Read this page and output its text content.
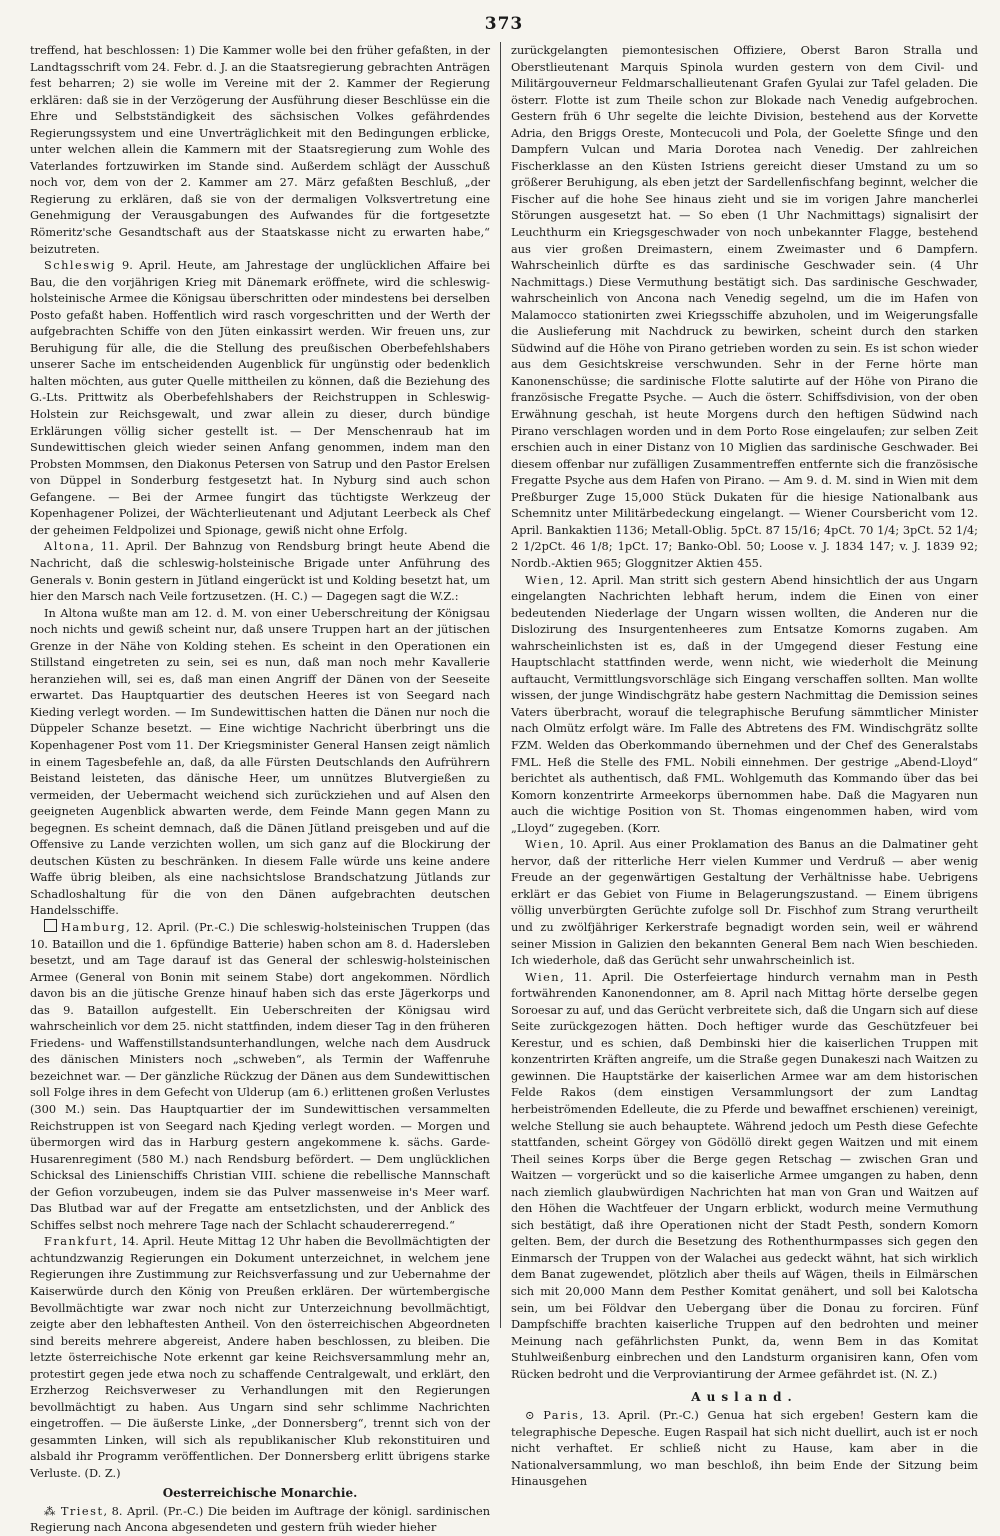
373

treffend, hat beschlossen: 1) Die Kammer wolle bei den früher gefaßten, in der Landtagsschrift vom 24. Febr. d. J. an die Staatsregierung gebrachten Anträgen fest beharren; 2) sie wolle im Vereine mit der 2. Kammer der Regierung erklären: daß sie in der Verzögerung der Ausführung dieser Beschlüsse ein die Ehre und Selbstständigkeit des sächsischen Volkes gefährdendes Regierungssystem und eine Unverträglichkeit mit den Bedingungen erblicke, unter welchen allein die Kammern mit der Staatsregierung zum Wohle des Vaterlandes fortzuwirken im Stande sind. Außerdem schlägt der Ausschuß noch vor, dem von der 2. Kammer am 27. März gefaßten Beschluß, „der Regierung zu erklären, daß sie von der dermaligen Volksvertretung eine Genehmigung der Verausgabungen des Aufwandes für die fortgesetzte Römeritz'sche Gesandtschaft aus der Staatskasse nicht zu erwarten habe,“ beizutreten.

Schleswig 9. April. Heute, am Jahrestage der unglücklichen Affaire bei Bau, die den vorjährigen Krieg mit Dänemark eröffnete, wird die schleswig-holsteinische Armee die Königsau überschritten oder mindestens bei derselben Posto gefaßt haben. Hoffentlich wird rasch vorgeschritten und der Werth der aufgebrachten Schiffe von den Jüten einkassirt werden. Wir freuen uns, zur Beruhigung für alle, die die Stellung des preußischen Oberbefehlshabers unserer Sache im entscheidenden Augenblick für ungünstig oder bedenklich halten möchten, aus guter Quelle mittheilen zu können, daß die Beziehung des G.-Lts. Prittwitz als Oberbefehlshabers der Reichstruppen in Schleswig-Holstein zur Reichsgewalt, und zwar allein zu dieser, durch bündige Erklärungen völlig sicher gestellt ist. — Der Menschenraub hat im Sundewittischen gleich wieder seinen Anfang genommen, indem man den Probsten Mommsen, den Diakonus Petersen von Satrup und den Pastor Erelsen von Düppel in Sonderburg festgesetzt hat. In Nyburg sind auch schon Gefangene. — Bei der Armee fungirt das tüchtigste Werkzeug der Kopenhagener Polizei, der Wächterlieutenant und Adjutant Leerbeck als Chef der geheimen Feldpolizei und Spionage, gewiß nicht ohne Erfolg.

Altona, 11. April. Der Bahnzug von Rendsburg bringt heute Abend die Nachricht, daß die schleswig-holsteinische Brigade unter Anführung des Generals v. Bonin gestern in Jütland eingerückt ist und Kolding besetzt hat, um hier den Marsch nach Veile fortzusetzen. (H. C.) — Dagegen sagt die W.Z.:

In Altona wußte man am 12. d. M. von einer Ueberschreitung der Königsau noch nichts und gewiß scheint nur, daß unsere Truppen hart an der jütischen Grenze in der Nähe von Kolding stehen. Es scheint in den Operationen ein Stillstand eingetreten zu sein, sei es nun, daß man noch mehr Kavallerie heranziehen will, sei es, daß man einen Angriff der Dänen von der Seeseite erwartet. Das Hauptquartier des deutschen Heeres ist von Seegard nach Kieding verlegt worden. — Im Sundewittischen hatten die Dänen nur noch die Düppeler Schanze besetzt. — Eine wichtige Nachricht überbringt uns die Kopenhagener Post vom 11. Der Kriegsminister General Hansen zeigt nämlich in einem Tagesbefehle an, daß, da alle Fürsten Deutschlands den Aufrührern Beistand leisteten, das dänische Heer, um unnützes Blutvergießen zu vermeiden, der Uebermacht weichend sich zurückziehen und auf Alsen den geeigneten Augenblick abwarten werde, dem Feinde Mann gegen Mann zu begegnen. Es scheint demnach, daß die Dänen Jütland preisgeben und auf die Offensive zu Lande verzichten wollen, um sich ganz auf die Blockirung der deutschen Küsten zu beschränken. In diesem Falle würde uns keine andere Waffe übrig bleiben, als eine nachsichtslose Brandschatzung Jütlands zur Schadloshaltung für die von den Dänen aufgebrachten deutschen Handelsschiffe.

Hamburg, 12. April. (Pr.-C.) Die schleswig-holsteinischen Truppen (das 10. Bataillon und die 1. 6pfündige Batterie) haben schon am 8. d. Hadersleben besetzt, und am Tage darauf ist das General der schleswig-holsteinischen Armee (General von Bonin mit seinem Stabe) dort angekommen. Nördlich davon bis an die jütische Grenze hinauf haben sich das erste Jägerkorps und das 9. Bataillon aufgestellt. Ein Ueberschreiten der Königsau wird wahrscheinlich vor dem 25. nicht stattfinden, indem dieser Tag in den früheren Friedens- und Waffenstillstandsunterhandlungen, welche nach dem Ausdruck des dänischen Ministers noch „schweben“, als Termin der Waffenruhe bezeichnet war. — Der gänzliche Rückzug der Dänen aus dem Sundewittischen soll Folge ihres in dem Gefecht von Ulderup (am 6.) erlittenen großen Verlustes (300 M.) sein. Das Hauptquartier der im Sundewittischen versammelten Reichstruppen ist von Seegard nach Kjeding verlegt worden. — Morgen und übermorgen wird das in Harburg gestern angekommene k. sächs. Garde-Husarenregiment (580 M.) nach Rendsburg befördert. — Dem unglücklichen Schicksal des Linienschiffs Christian VIII. schiene die rebellische Mannschaft der Gefion vorzubeugen, indem sie das Pulver massenweise in's Meer warf. Das Blutbad war auf der Fregatte am entsetzlichsten, und der Anblick des Schiffes selbst noch mehrere Tage nach der Schlacht schaudererregend.“

Frankfurt, 14. April. Heute Mittag 12 Uhr haben die Bevollmächtigten der achtundzwanzig Regierungen ein Dokument unterzeichnet, in welchem jene Regierungen ihre Zustimmung zur Reichsverfassung und zur Uebernahme der Kaiserwürde durch den König von Preußen erklären. Der würtembergische Bevollmächtigte war zwar noch nicht zur Unterzeichnung bevollmächtigt, zeigte aber den lebhaftesten Antheil. Von den österreichischen Abgeordneten sind bereits mehrere abgereist, Andere haben beschlossen, zu bleiben. Die letzte österreichische Note erkennt gar keine Reichsversammlung mehr an, protestirt gegen jede etwa noch zu schaffende Centralgewalt, und erklärt, den Erzherzog Reichsverweser zu Verhandlungen mit den Regierungen bevollmächtigt zu haben. Aus Ungarn sind sehr schlimme Nachrichten eingetroffen. — Die äußerste Linke, „der Donnersberg“, trennt sich von der gesammten Linken, will sich als republikanischer Klub rekonstituiren und alsbald ihr Programm veröffentlichen. Der Donnersberg erlitt übrigens starke Verluste. (D. Z.)

Oesterreichische Monarchie.

⁂ Triest, 8. April. (Pr.-C.) Die beiden im Auftrage der königl. sardinischen Regierung nach Ancona abgesendeten und gestern früh wieder hieher

zurückgelangten piemontesischen Offiziere, Oberst Baron Stralla und Oberstlieutenant Marquis Spinola wurden gestern von dem Civil- und Militärgouverneur Feldmarschallieutenant Grafen Gyulai zur Tafel geladen. Die österr. Flotte ist zum Theile schon zur Blokade nach Venedig aufgebrochen. Gestern früh 6 Uhr segelte die leichte Division, bestehend aus der Korvette Adria, den Briggs Oreste, Montecucoli und Pola, der Goelette Sfinge und den Dampfern Vulcan und Maria Dorotea nach Venedig. Der zahlreichen Fischerklasse an den Küsten Istriens gereicht dieser Umstand zu um so größerer Beruhigung, als eben jetzt der Sardellenfischfang beginnt, welcher die Fischer auf die hohe See hinaus zieht und sie im vorigen Jahre mancherlei Störungen ausgesetzt hat. — So eben (1 Uhr Nachmittags) signalisirt der Leuchthurm ein Kriegsgeschwader von noch unbekannter Flagge, bestehend aus vier großen Dreimastern, einem Zweimaster und 6 Dampfern. Wahrscheinlich dürfte es das sardinische Geschwader sein. (4 Uhr Nachmittags.) Diese Vermuthung bestätigt sich. Das sardinische Geschwader, wahrscheinlich von Ancona nach Venedig segelnd, um die im Hafen von Malamocco stationirten zwei Kriegsschiffe abzuholen, und im Weigerungsfalle die Auslieferung mit Nachdruck zu bewirken, scheint durch den starken Südwind auf die Höhe von Pirano getrieben worden zu sein. Es ist schon wieder aus dem Gesichtskreise verschwunden. Sehr in der Ferne hörte man Kanonenschüsse; die sardinische Flotte salutirte auf der Höhe von Pirano die französische Fregatte Psyche. — Auch die österr. Schiffsdivision, von der oben Erwähnung geschah, ist heute Morgens durch den heftigen Südwind nach Pirano verschlagen worden und in dem Porto Rose eingelaufen; zur selben Zeit erschien auch in einer Distanz von 10 Miglien das sardinische Geschwader. Bei diesem offenbar nur zufälligen Zusammentreffen entfernte sich die französische Fregatte Psyche aus dem Hafen von Pirano. — Am 9. d. M. sind in Wien mit dem Preßburger Zuge 15,000 Stück Dukaten für die hiesige Nationalbank aus Schemnitz unter Militärbedeckung eingelangt. — Wiener Coursbericht vom 12. April. Bankaktien 1136; Metall-Oblig. 5pCt. 87 15/16; 4pCt. 70 1/4; 3pCt. 52 1/4; 2 1/2pCt. 46 1/8; 1pCt. 17; Banko-Obl. 50; Loose v. J. 1834 147; v. J. 1839 92; Nordb.-Aktien 965; Gloggnitzer Aktien 455.

Wien, 12. April. Man stritt sich gestern Abend hinsichtlich der aus Ungarn eingelangten Nachrichten lebhaft herum, indem die Einen von einer bedeutenden Niederlage der Ungarn wissen wollten, die Anderen nur die Dislozirung des Insurgentenheeres zum Entsatze Komorns zugaben. Am wahrscheinlichsten ist es, daß in der Umgegend dieser Festung eine Hauptschlacht stattfinden werde, wenn nicht, wie wiederholt die Meinung auftaucht, Vermittlungsvorschläge sich Eingang verschaffen sollten. Man wollte wissen, der junge Windischgrätz habe gestern Nachmittag die Demission seines Vaters überbracht, worauf die telegraphische Berufung sämmtlicher Minister nach Olmütz erfolgt wäre. Im Falle des Abtretens des FM. Windischgrätz sollte FZM. Welden das Oberkommando übernehmen und der Chef des Generalstabs FML. Heß die Stelle des FML. Nobili einnehmen. Der gestrige „Abend-Lloyd“ berichtet als authentisch, daß FML. Wohlgemuth das Kommando über das bei Komorn konzentrirte Armeekorps übernommen habe. Daß die Magyaren nun auch die wichtige Position von St. Thomas eingenommen haben, wird vom „Lloyd“ zugegeben. (Korr.

Wien, 10. April. Aus einer Proklamation des Banus an die Dalmatiner geht hervor, daß der ritterliche Herr vielen Kummer und Verdruß — aber wenig Freude an der gegenwärtigen Gestaltung der Verhältnisse habe. Uebrigens erklärt er das Gebiet von Fiume in Belagerungszustand. — Einem übrigens völlig unverbürgten Gerüchte zufolge soll Dr. Fischhof zum Strang verurtheilt und zu zwölfjähriger Kerkerstrafe begnadigt worden sein, weil er während seiner Mission in Galizien den bekannten General Bem nach Wien beschieden. Ich wiederhole, daß das Gerücht sehr unwahrscheinlich ist.

Wien, 11. April. Die Osterfeiertage hindurch vernahm man in Pesth fortwährenden Kanonendonner, am 8. April nach Mittag hörte derselbe gegen Soroesar zu auf, und das Gerücht verbreitete sich, daß die Ungarn sich auf diese Seite zurückgezogen hätten. Doch heftiger wurde das Geschützfeuer bei Kerestur, und es schien, daß Dembinski hier die kaiserlichen Truppen mit konzentrirten Kräften angreife, um die Straße gegen Dunakeszi nach Waitzen zu gewinnen. Die Hauptstärke der kaiserlichen Armee war am dem historischen Felde Rakos (dem einstigen Versammlungsort der zum Landtag herbeiströmenden Edelleute, die zu Pferde und bewaffnet erschienen) vereinigt, welche Stellung sie auch behauptete. Während jedoch um Pesth diese Gefechte stattfanden, scheint Görgey von Gödöllö direkt gegen Waitzen und mit einem Theil seines Korps über die Berge gegen Retschag — zwischen Gran und Waitzen — vorgerückt und so die kaiserliche Armee umgangen zu haben, denn nach ziemlich glaubwürdigen Nachrichten hat man von Gran und Waitzen auf den Höhen die Wachtfeuer der Ungarn erblickt, wodurch meine Vermuthung sich bestätigt, daß ihre Operationen nicht der Stadt Pesth, sondern Komorn gelten. Bem, der durch die Besetzung des Rothenthurmpasses sich gegen den Einmarsch der Truppen von der Walachei aus gedeckt wähnt, hat sich wirklich dem Banat zugewendet, plötzlich aber theils auf Wägen, theils in Eilmärschen sich mit 20,000 Mann dem Pesther Komitat genähert, und soll bei Kalotscha sein, um bei Földvar den Uebergang über die Donau zu forciren. Fünf Dampfschiffe brachten kaiserliche Truppen auf den bedrohten und meiner Meinung nach gefährlichsten Punkt, da, wenn Bem in das Komitat Stuhlweißenburg einbrechen und den Landsturm organisiren kann, Ofen vom Rücken bedroht und die Verproviantirung der Armee gefährdet ist. (N. Z.)

Ausland.

⊙ Paris, 13. April. (Pr.-C.) Genua hat sich ergeben! Gestern kam die telegraphische Depesche. Eugen Raspail hat sich nicht duellirt, auch ist er noch nicht verhaftet. Er schließ nicht zu Hause, kam aber in die Nationalversammlung, wo man beschloß, ihn beim Ende der Sitzung beim Hinausgehen
